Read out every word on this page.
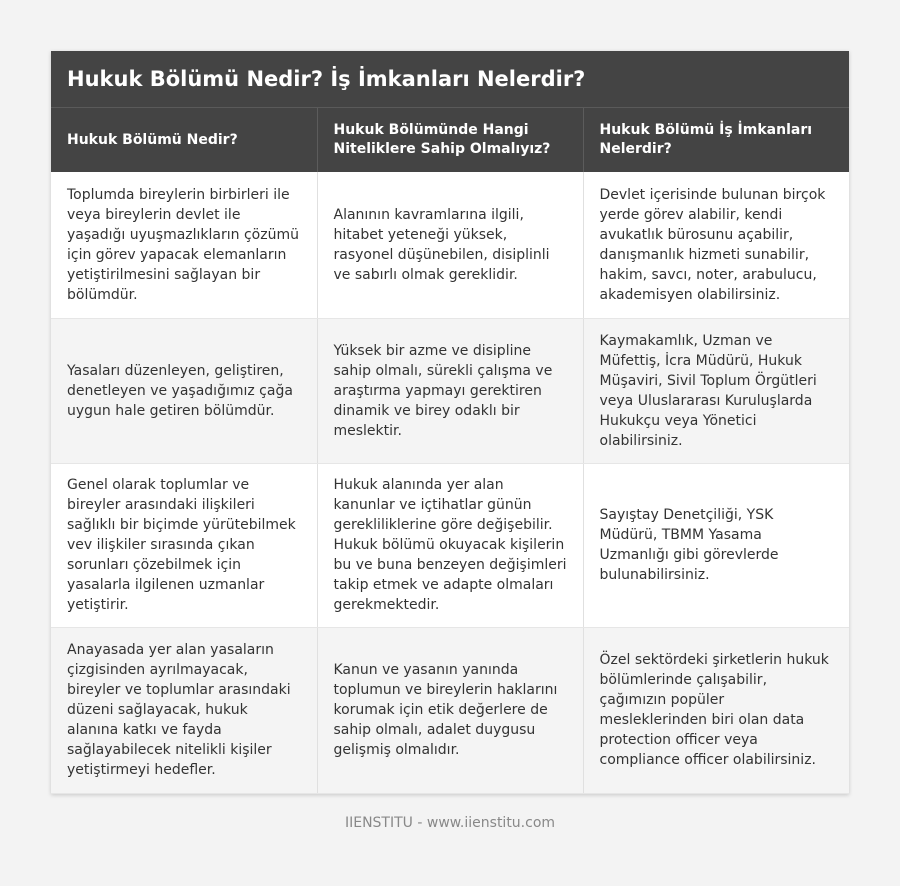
Hukuk Bölümü Nedir? İş İmkanları Nelerdir?
Hukuk Bölümü Nedir?	Hukuk Bölümünde Hangi Niteliklere Sahip Olmalıyız?	Hukuk Bölümü İş İmkanları Nelerdir?
Toplumda bireylerin birbirleri ile veya bireylerin devlet ile yaşadığı uyuşmazlıkların çözümü için görev yapacak elemanların yetiştirilmesini sağlayan bir bölümdür.	Alanının kavramlarına ilgili, hitabet yeteneği yüksek, rasyonel düşünebilen, disiplinli ve sabırlı olmak gereklidir.	Devlet içerisinde bulunan birçok yerde görev alabilir, kendi avukatlık bürosunu açabilir, danışmanlık hizmeti sunabilir, hakim, savcı, noter, arabulucu, akademisyen olabilirsiniz.
Yasaları düzenleyen, geliştiren, denetleyen ve yaşadığımız çağa uygun hale getiren bölümdür.	Yüksek bir azme ve disipline sahip olmalı, sürekli çalışma ve araştırma yapmayı gerektiren dinamik ve birey odaklı bir meslektir.	Kaymakamlık, Uzman ve Müfettiş, İcra Müdürü, Hukuk Müşaviri, Sivil Toplum Örgütleri veya Uluslararası Kuruluşlarda Hukukçu veya Yönetici olabilirsiniz.
Genel olarak toplumlar ve bireyler arasındaki ilişkileri sağlıklı bir biçimde yürütebilmek vev ilişkiler sırasında çıkan sorunları çözebilmek için yasalarla ilgilenen uzmanlar yetiştirir.	Hukuk alanında yer alan kanunlar ve içtihatlar günün gerekliliklerine göre değişebilir. Hukuk bölümü okuyacak kişilerin bu ve buna benzeyen değişimleri takip etmek ve adapte olmaları gerekmektedir.	Sayıştay Denetçiliği, YSK Müdürü, TBMM Yasama Uzmanlığı gibi görevlerde bulunabilirsiniz.
Anayasada yer alan yasaların çizgisinden ayrılmayacak, bireyler ve toplumlar arasındaki düzeni sağlayacak, hukuk alanına katkı ve fayda sağlayabilecek nitelikli kişiler yetiştirmeyi hedefler.	Kanun ve yasanın yanında toplumun ve bireylerin haklarını korumak için etik değerlere de sahip olmalı, adalet duygusu gelişmiş olmalıdır.	Özel sektördeki şirketlerin hukuk bölümlerinde çalışabilir, çağımızın popüler mesleklerinden biri olan data protection officer veya compliance officer olabilirsiniz.
IIENSTITU - www.iienstitu.com
